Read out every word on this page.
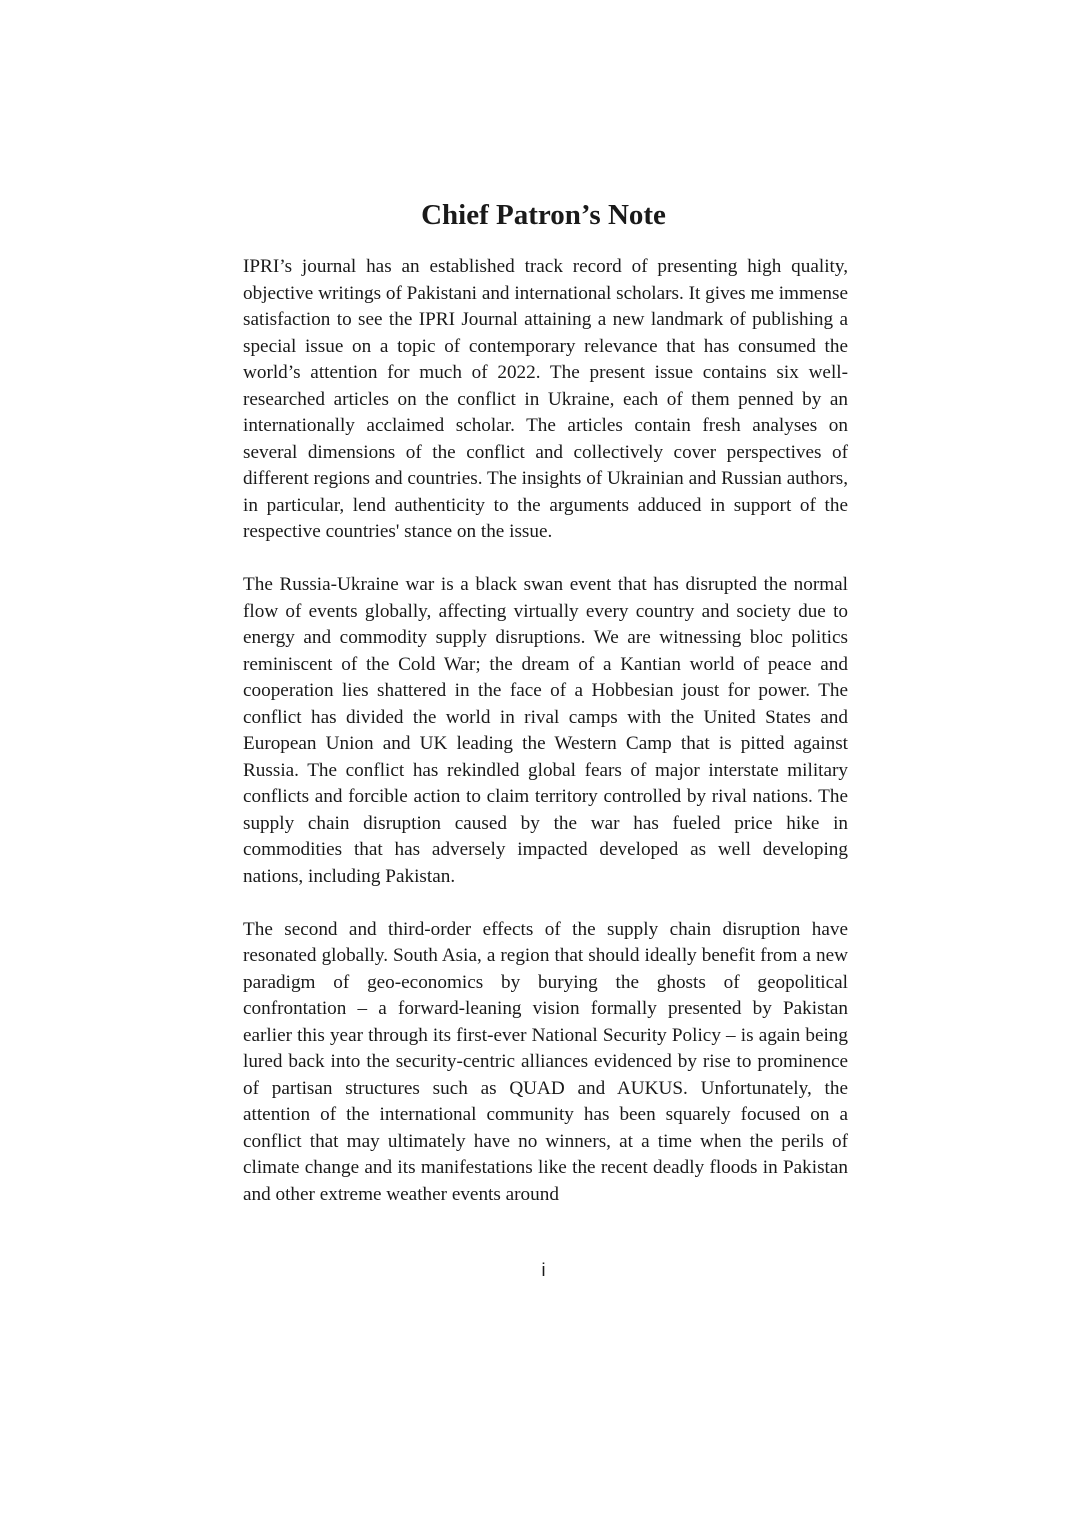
Chief Patron’s Note

IPRI’s journal has an established track record of presenting high quality, objective writings of Pakistani and international scholars. It gives me immense satisfaction to see the IPRI Journal attaining a new landmark of publishing a special issue on a topic of contemporary relevance that has consumed the world’s attention for much of 2022. The present issue contains six well-researched articles on the conflict in Ukraine, each of them penned by an internationally acclaimed scholar. The articles contain fresh analyses on several dimensions of the conflict and collectively cover perspectives of different regions and countries. The insights of Ukrainian and Russian authors, in particular, lend authenticity to the arguments adduced in support of the respective countries' stance on the issue.

The Russia-Ukraine war is a black swan event that has disrupted the normal flow of events globally, affecting virtually every country and society due to energy and commodity supply disruptions. We are witnessing bloc politics reminiscent of the Cold War; the dream of a Kantian world of peace and cooperation lies shattered in the face of a Hobbesian joust for power. The conflict has divided the world in rival camps with the United States and European Union and UK leading the Western Camp that is pitted against Russia. The conflict has rekindled global fears of major interstate military conflicts and forcible action to claim territory controlled by rival nations. The supply chain disruption caused by the war has fueled price hike in commodities that has adversely impacted developed as well developing nations, including Pakistan.

The second and third-order effects of the supply chain disruption have resonated globally. South Asia, a region that should ideally benefit from a new paradigm of geo-economics by burying the ghosts of geopolitical confrontation – a forward-leaning vision formally presented by Pakistan earlier this year through its first-ever National Security Policy – is again being lured back into the security-centric alliances evidenced by rise to prominence of partisan structures such as QUAD and AUKUS. Unfortunately, the attention of the international community has been squarely focused on a conflict that may ultimately have no winners, at a time when the perils of climate change and its manifestations like the recent deadly floods in Pakistan and other extreme weather events around

i
